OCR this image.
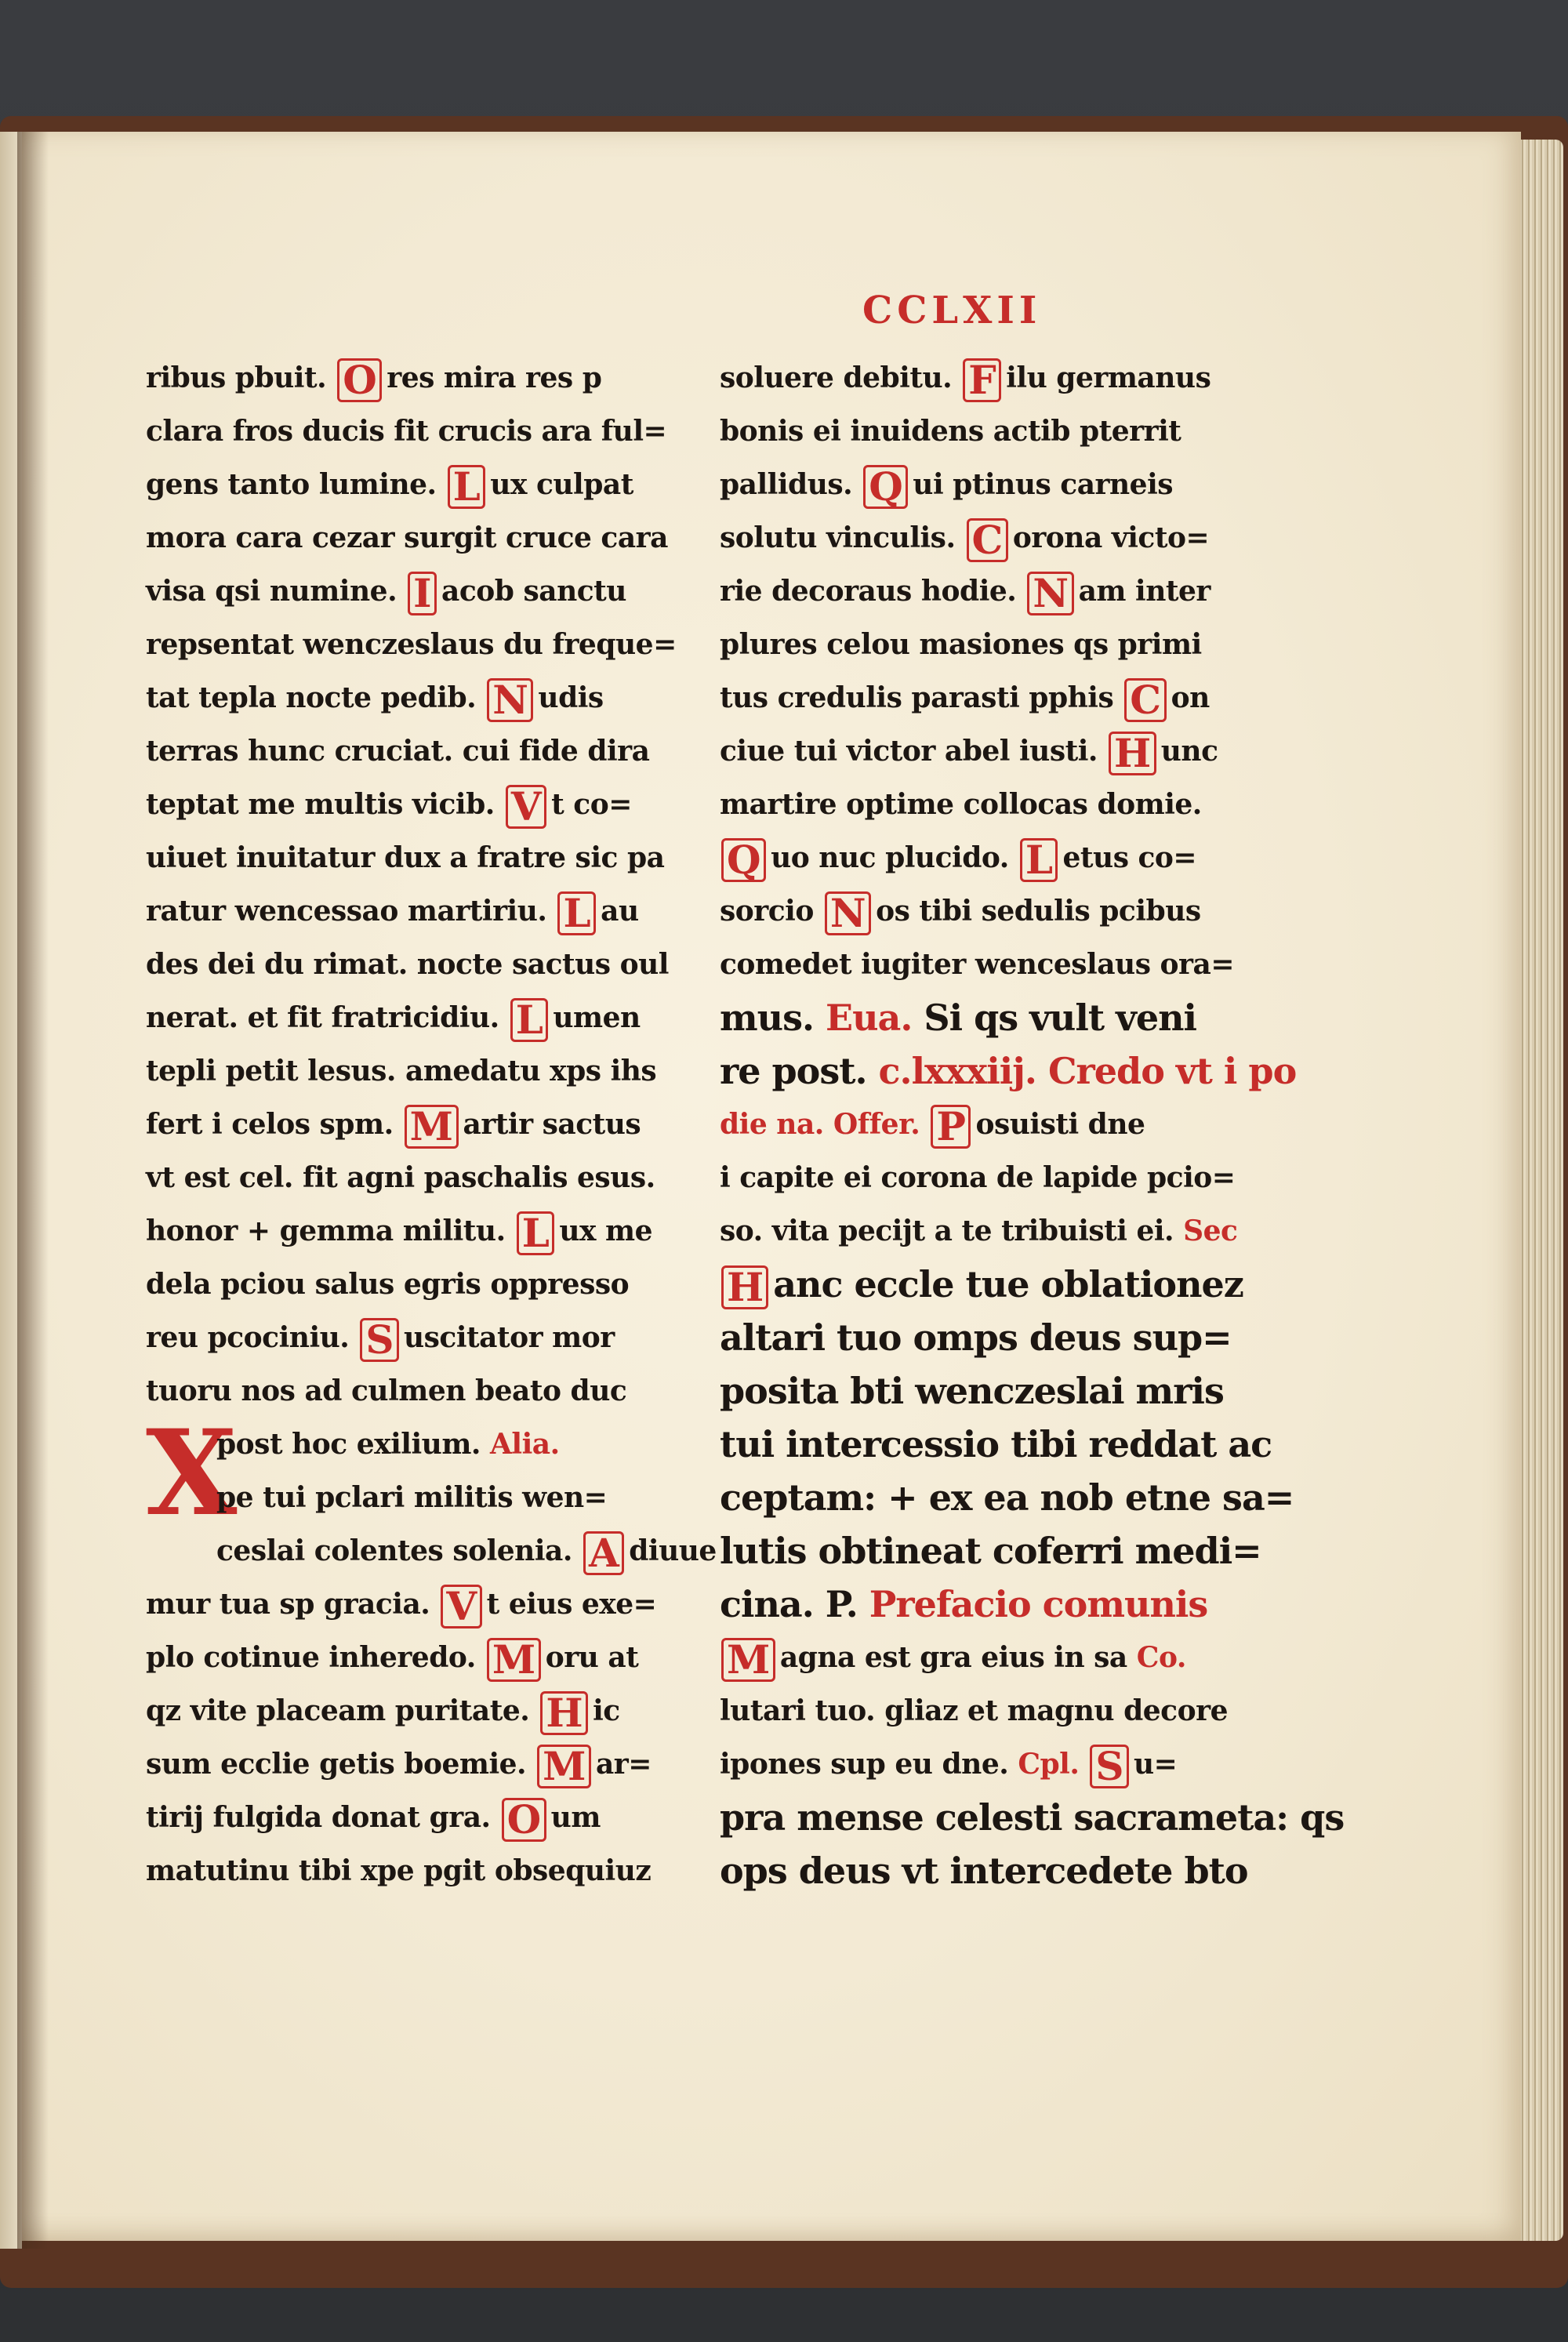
CCLXII
ribus pbuit. O res mira res p
clara fros ducis fit crucis ara ful=
gens tanto lumine. L ux culpat
mora cara cezar surgit cruce cara
visa qsi numine. I acob sanctu
repsentat wenczeslaus du freque=
tat tepla nocte pedib. N udis
terras hunc cruciat. cui fide dira
teptat me multis vicib. V t co=
uiuet inuitatur dux a fratre sic pa
ratur wencessao martiriu. L au
des dei du rimat. nocte sactus oul
nerat. et fit fratricidiu. L umen
tepli petit lesus. amedatu xps ihs
fert i celos spm. M artir sactus
vt est cel. fit agni paschalis esus.
honor + gemma militu. L ux me
dela pciou salus egris oppresso
reu pcociniu. S uscitator mor
tuoru nos ad culmen beato duc
X
post hoc exilium. Alia.
pe tui pclari militis wen=
ceslai colentes solenia. A diuue
mur tua sp gracia. V t eius exe=
plo cotinue inheredo. M oru at
qz vite placeam puritate. H ic
sum ecclie getis boemie. M ar=
tirij fulgida donat gra. O um
matutinu tibi xpe pgit obsequiuz
soluere debitu. F ilu germanus
bonis ei inuidens actib pterrit
pallidus. Q ui ptinus carneis
solutu vinculis. C orona victo=
rie decoraus hodie. N am inter
plures celou masiones qs primi
tus credulis parasti pphis C on
ciue tui victor abel iusti. H unc
martire optime collocas domie.
Q uo nuc plucido. L etus co=
sorcio N os tibi sedulis pcibus
comedet iugiter wenceslaus ora=
mus. Eua. Si qs vult veni
re post. c.lxxxiij. Credo vt i po
die na. Offer. P osuisti dne
i capite ei corona de lapide pcio=
so. vita pecijt a te tribuisti ei. Sec
H anc eccle tue oblationez
altari tuo omps deus sup=
posita bti wenczeslai mris
tui intercessio tibi reddat ac
ceptam: + ex ea nob etne sa=
lutis obtineat coferri medi=
cina. P. Prefacio comunis
M agna est gra eius in sa Co.
lutari tuo. gliaz et magnu decore
ipones sup eu dne. Cpl. S u=
pra mense celesti sacrameta: qs
ops deus vt intercedete bto
